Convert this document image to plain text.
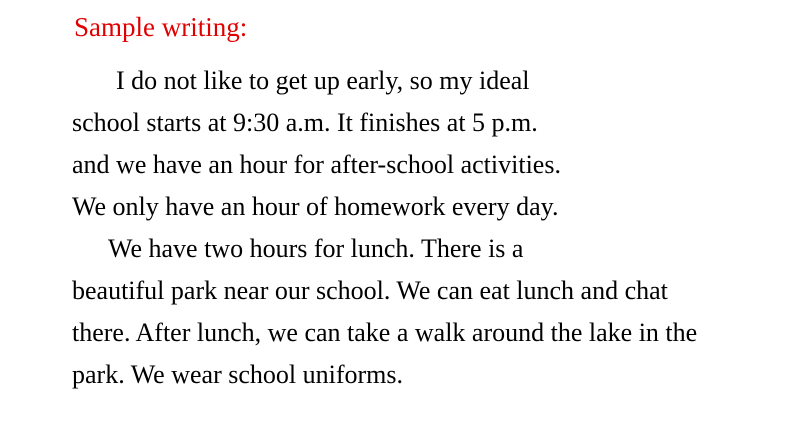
Sample writing:
I do not like to get up early, so my ideal
school starts at 9:30 a.m. It finishes at 5 p.m.
and we have an hour for after-school activities.
We only have an hour of homework every day.
We have two hours for lunch. There is a
beautiful park near our school. We can eat lunch and chat
there. After lunch, we can take a walk around the lake in the
park. We wear school uniforms.
